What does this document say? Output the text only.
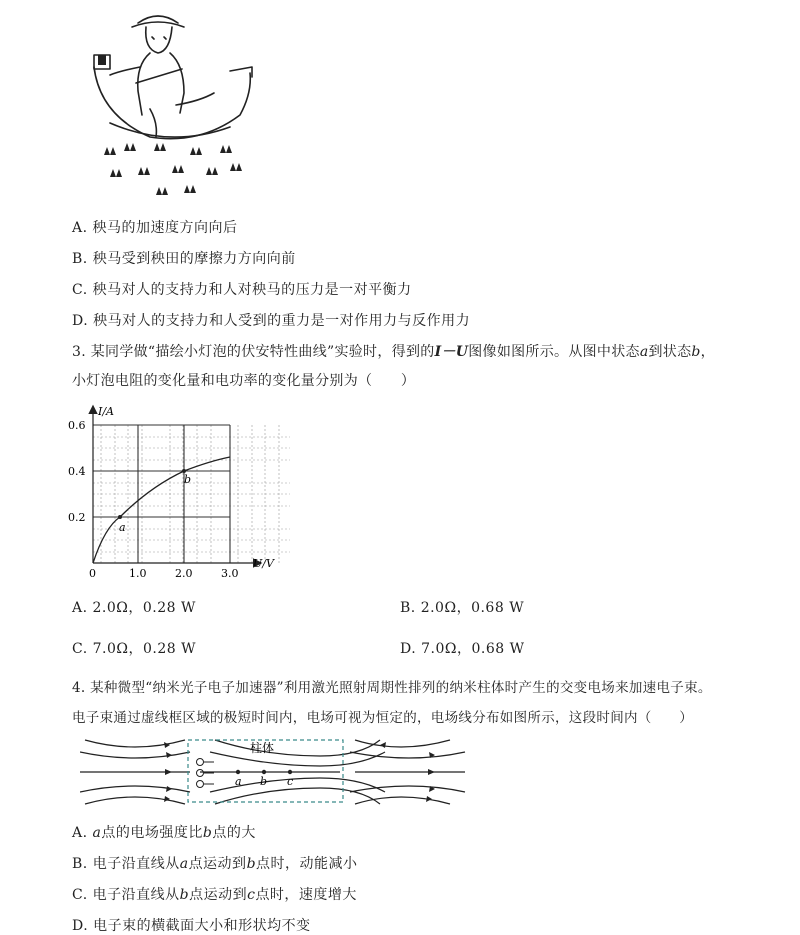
A. 秧马的加速度方向向后
B. 秧马受到秧田的摩擦力方向向前
C. 秧马对人的支持力和人对秧马的压力是一对平衡力
D. 秧马对人的支持力和人受到的重力是一对作用力与反作用力
3. 某同学做“描绘小灯泡的伏安特性曲线”实验时，得到的I－U图像如图所示。从图中状态a到状态b，
小灯泡电阻的变化量和电功率的变化量分别为（　　）
I/A
U/V
0.6
0.4
0.2
0	1.0	2.0	3.0
a
b
A. 2.0Ω，0.28 W	B. 2.0Ω，0.68 W
C. 7.0Ω，0.28 W	D. 7.0Ω，0.68 W
4. 某种微型“纳米光子电子加速器”利用激光照射周期性排列的纳米柱体时产生的交变电场来加速电子束。
电子束通过虚线框区域的极短时间内，电场可视为恒定的，电场线分布如图所示，这段时间内（　　）
柱体
a b c
A. a点的电场强度比b点的大
B. 电子沿直线从a点运动到b点时，动能减小
C. 电子沿直线从b点运动到c点时，速度增大
D. 电子束的横截面大小和形状均不变
